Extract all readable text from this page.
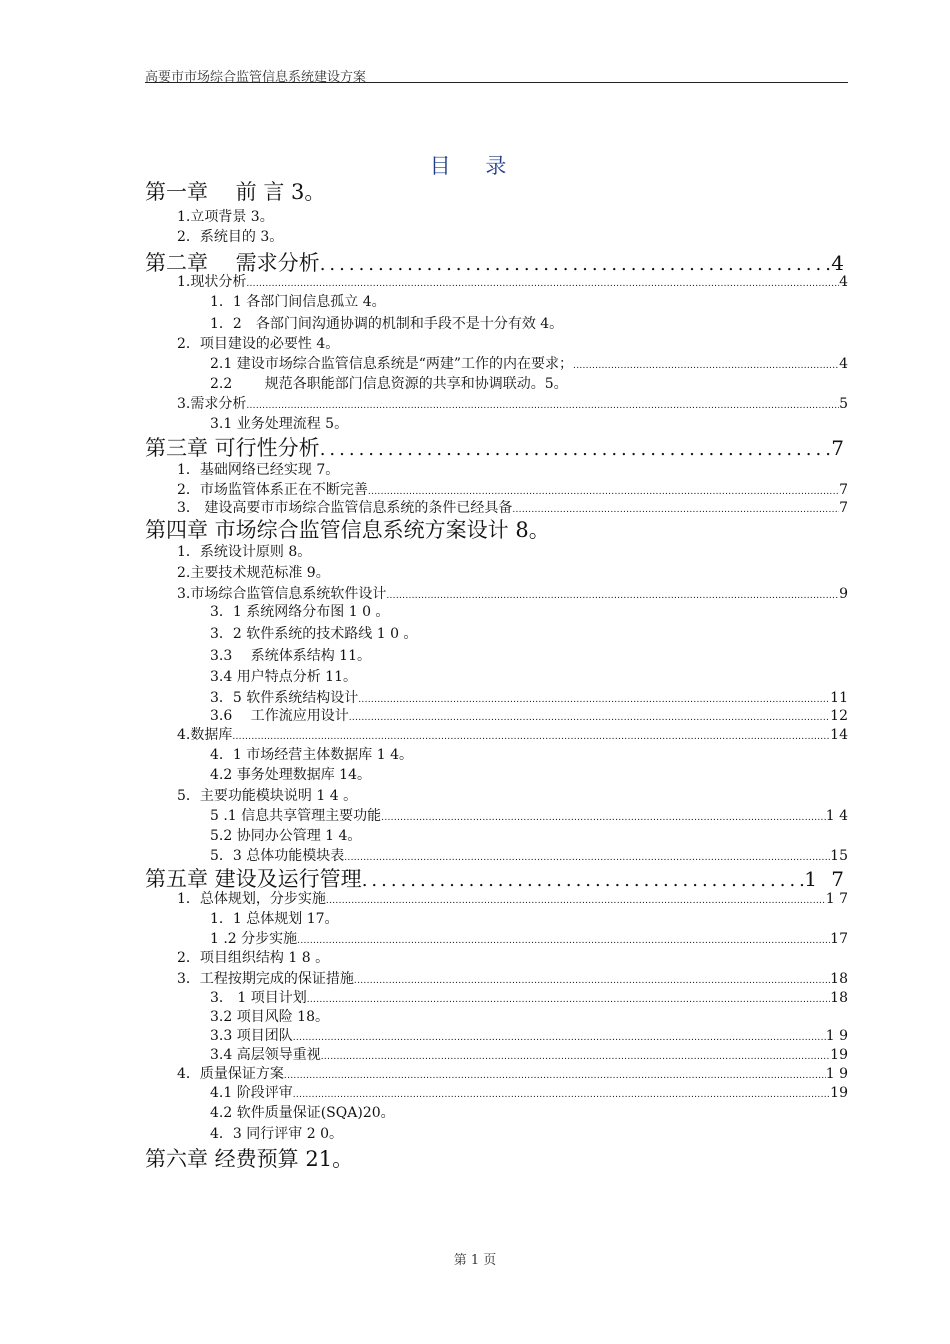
高要市市场综合监管信息系统建设方案
目 录
第一章　 前 言 3。
1.立项背景 3。
2．系统目的 3。
第二章　 需求分析 .....	4
1.现状分析 .....	4
1．1 各部门间信息孤立 4。
1．2　各部门间沟通协调的机制和手段不是十分有效 4。
2．项目建设的必要性 4。
2.1 建设市场综合监管信息系统是“两建”工作的内在要求； .....	4
2.2　　 规范各职能部门信息资源的共享和协调联动。5。
3.需求分析 .....	5
3.1 业务处理流程 5。
第三章 可行性分析 .....	7
1．基础网络已经实现 7。
2．市场监管体系正在不断完善 .....	7
3． 建设高要市市场综合监管信息系统的条件已经具备 .....	7
第四章 市场综合监管信息系统方案设计 8。
1．系统设计原则 8。
2.主要技术规范标准 9。
3.市场综合监管信息系统软件设计 .....	9
3．1 系统网络分布图 1 0 。
3．2 软件系统的技术路线 1 0 。
3.3　 系统体系结构 11。
3.4 用户特点分析 11。
3．5 软件系统结构设计 .....	11
3.6　 工作流应用设计 .....	12
4.数据库 .....	14
4．1 市场经营主体数据库 1 4。
4.2 事务处理数据库 14。
5．主要功能模块说明 1 4 。
5 .1 信息共享管理主要功能 .....	1 4
5.2 协同办公管理 1 4。
5．3 总体功能模块表 .....	15
第五章 建设及运行管理 .....	1 7
1．总体规划，分步实施 .....	1 7
1．1 总体规划 17。
1 .2 分步实施 .....	17
2．项目组织结构 1 8 。
3．工程按期完成的保证措施 .....	18
3． 1 项目计划 .....	18
3.2 项目风险 18。
3.3 项目团队 .....	1 9
3.4 高层领导重视 .....	19
4．质量保证方案 .....	1 9
4.1 阶段评审 .....	19
4.2 软件质量保证(SQA)20。
4．3 同行评审 2 0。
第六章 经费预算 21。
第 1 页
